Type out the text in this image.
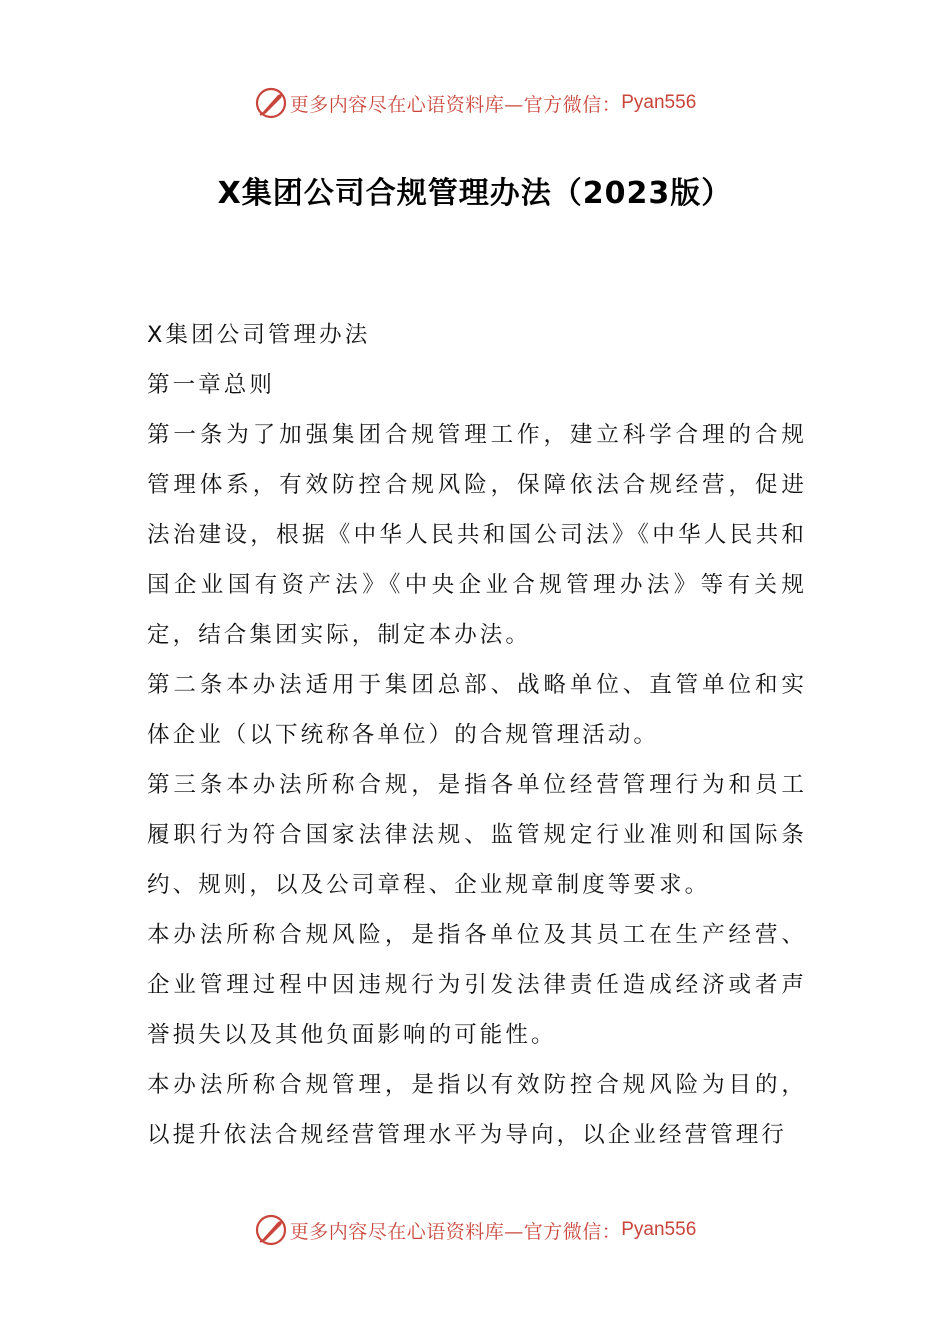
更多内容尽在心语资料库—官方微信： Pyan556
X集团公司合规管理办法（2023版）

X集团公司管理办法

第一章总则

第一条为了加强集团合规管理工作，建立科学合理的合规管理体系，有效防控合规风险，保障依法合规经营，促进法治建设，根据《中华人民共和国公司法》《中华人民共和国企业国有资产法》《中央企业合规管理办法》等有关规定，结合集团实际，制定本办法。

第二条本办法适用于集团总部、战略单位、直管单位和实体企业（以下统称各单位）的合规管理活动。

第三条本办法所称合规，是指各单位经营管理行为和员工履职行为符合国家法律法规、监管规定行业准则和国际条约、规则，以及公司章程、企业规章制度等要求。

本办法所称合规风险，是指各单位及其员工在生产经营、企业管理过程中因违规行为引发法律责任造成经济或者声誉损失以及其他负面影响的可能性。

本办法所称合规管理，是指以有效防控合规风险为目的，以提升依法合规经营管理水平为导向，以企业经营管理行

更多内容尽在心语资料库—官方微信： Pyan556
